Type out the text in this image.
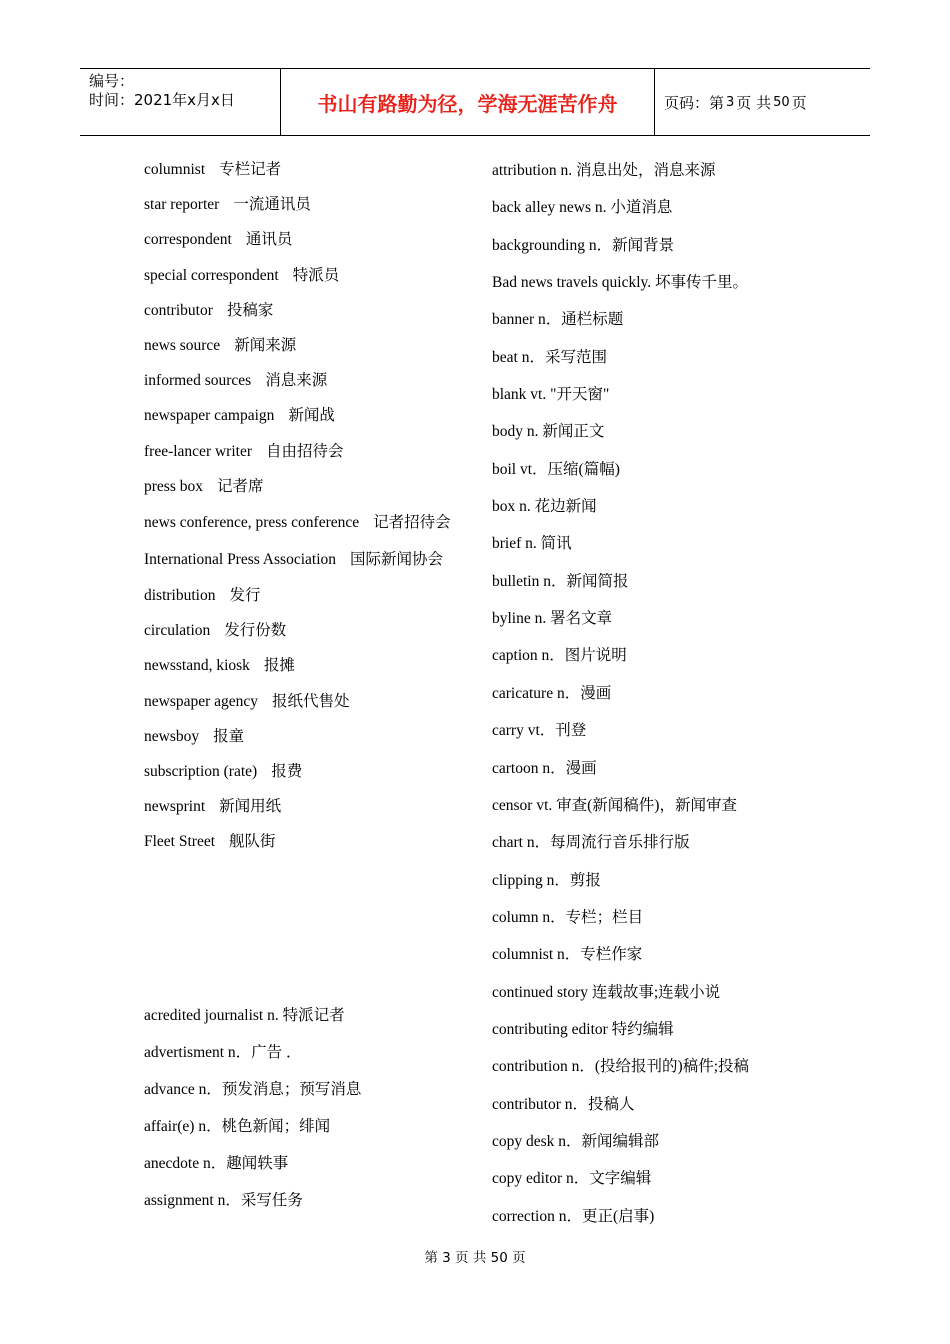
编号：
时间：2021年x月x日	书山有路勤为径，学海无涯苦作舟	页码：第 3 页 共 50 页
columnist 专栏记者
star reporter 一流通讯员
correspondent 通讯员
special correspondent 特派员
contributor 投稿家
news source 新闻来源
informed sources 消息来源
newspaper campaign 新闻战
free-lancer writer 自由招待会
press box 记者席
news conference, press conference 记者招待会
International Press Association 国际新闻协会
distribution 发行
circulation 发行份数
newsstand, kiosk 报摊
newspaper agency 报纸代售处
newsboy 报童
subscription (rate) 报费
newsprint 新闻用纸
Fleet Street 舰队街
acredited journalist n. 特派记者
advertisment n．广告 ．
advance n．预发消息；预写消息
affair(e) n．桃色新闻；绯闻
anecdote n．趣闻轶事
assignment n．采写任务
attribution n. 消息出处，消息来源
back alley news n. 小道消息
backgrounding n．新闻背景
Bad news travels quickly. 坏事传千里。
banner n．通栏标题
beat n．采写范围
blank vt. "开天窗"
body n. 新闻正文
boil vt．压缩(篇幅)
box n. 花边新闻
brief n. 简讯
bulletin n．新闻简报
byline n. 署名文章
caption n．图片说明
caricature n．漫画
carry vt．刊登
cartoon n．漫画
censor vt. 审查(新闻稿件)，新闻审查
chart n．每周流行音乐排行版
clipping n．剪报
column n．专栏；栏目
columnist n．专栏作家
continued story 连载故事;连载小说
contributing editor 特约编辑
contribution n．(投给报刊的)稿件;投稿
contributor n．投稿人
copy desk n．新闻编辑部
copy editor n．文字编辑
correction n．更正(启事)
第 3 页 共 50 页
